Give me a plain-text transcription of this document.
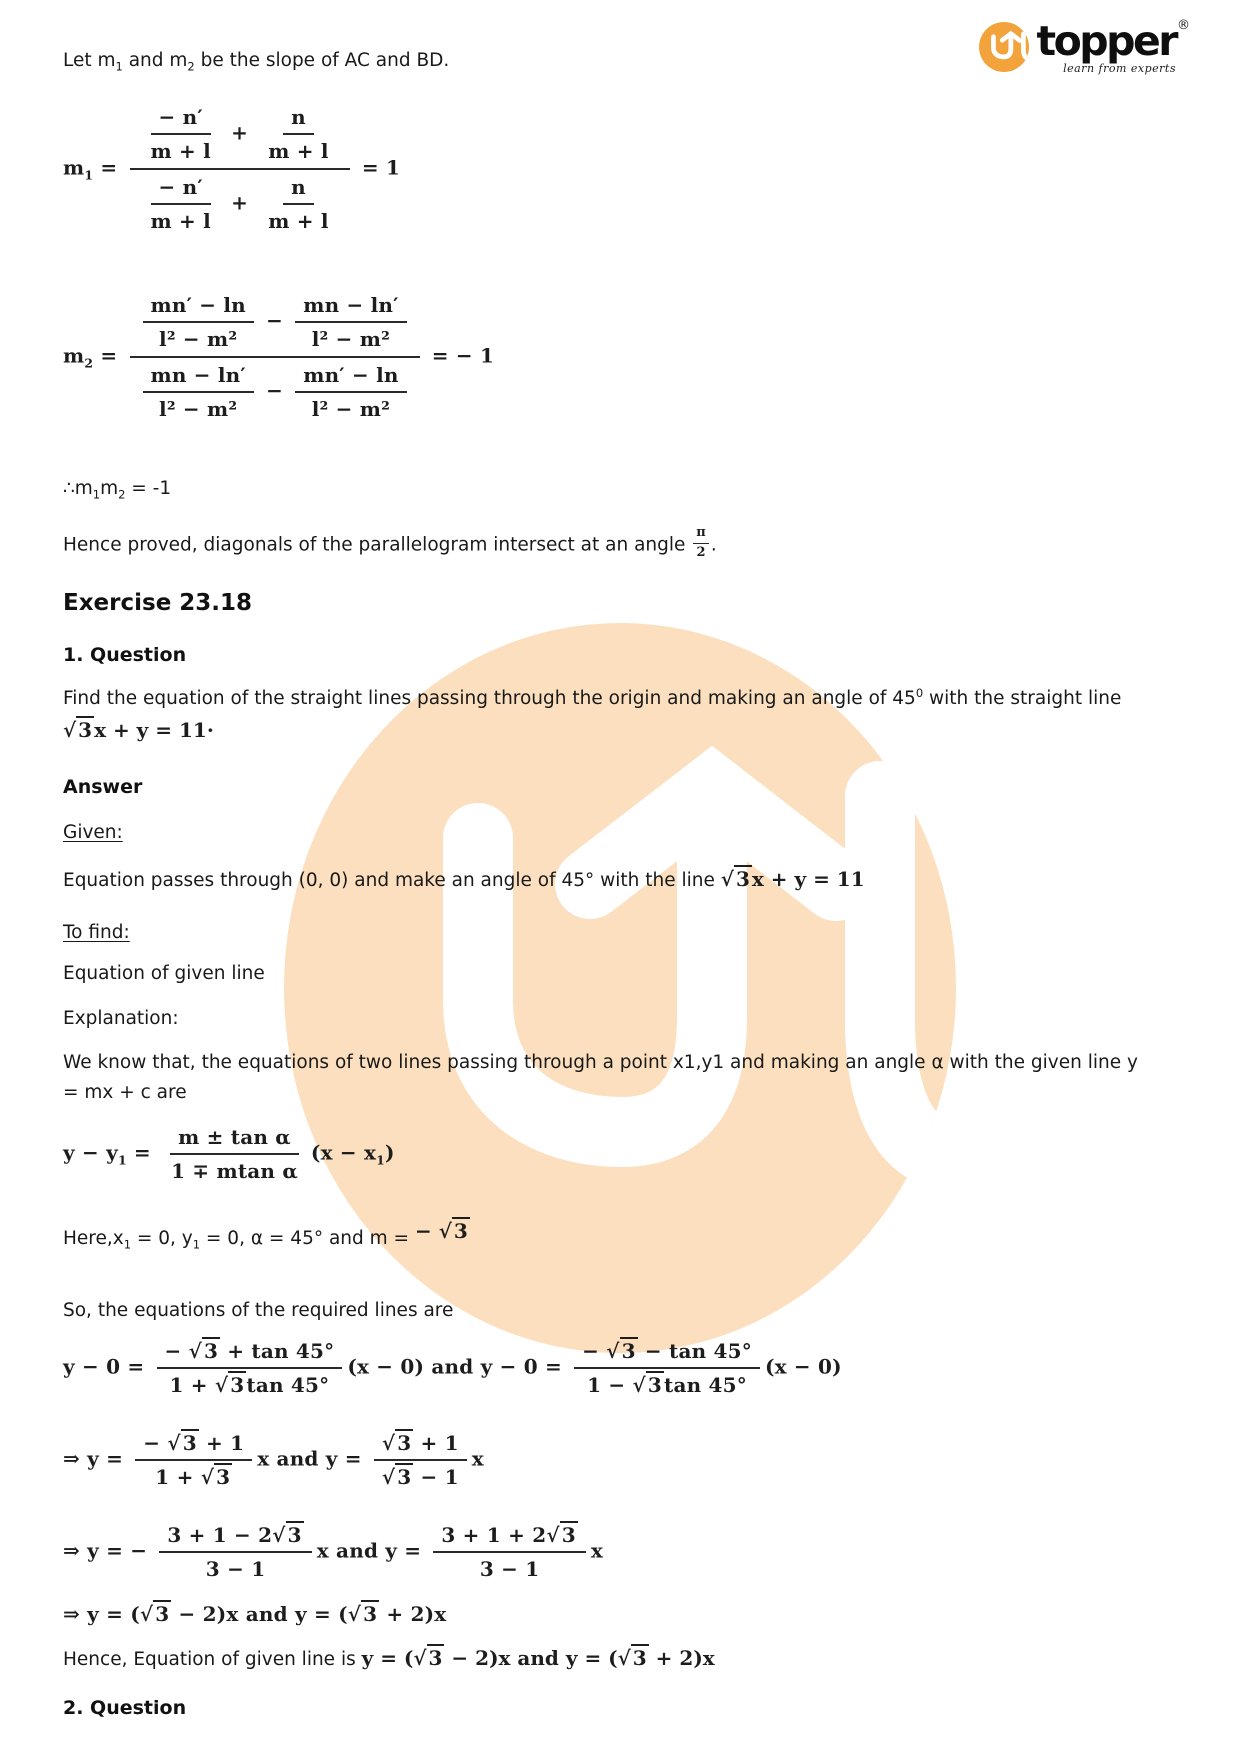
topper ®
learn from experts
Let $m_1$ and $m_2$ be the slope of AC and BD.
$m_1 = \frac{\frac{- n'}{m + l} + \frac{n}{m + l}}{\frac{- n'}{m + l} + \frac{n}{m + l}} = 1$
$m_2 = \frac{\frac{mn' - \ln}{\text{l² − m²}} - \frac{mn - \ln'}{\text{l² − m²}}}{\frac{mn - \ln'}{\text{l² − m²}} - \frac{mn' - \ln}{\text{l² − m²}}}$ = − 1
$\therefore m_1m_2 = -1$
Hence proved, diagonals of the parallelogram intersect at an angle $\frac{\pi}{2}$ .
Exercise 23.18
1. Question
Find the equation of the straight lines passing through the origin and making an angle of $45^0$ with the straight line √ 3 x + y = 11·
Answer
Given:
Equation passes through (0, 0) and make an angle of 45° with the line √ 3 x + y = 11
To find:
Equation of given line
Explanation:
We know that, the equations of two lines passing through a point x1,y1 and making an angle α with the given line y = mx + c are
$y - y_1 = \frac{\text{m ± tan α}}{\text{1 ∓ mtan α}} (x - x_1)$
$Here,x_1 = 0$, $y_1 = 0$, α = 45° and m = − √ 3
So, the equations of the required lines are
$y - 0 = \frac{- √ 3 + \tan 45^\circ}{1 + √ 3 \tan 45^\circ} (x - 0)$ and $y - 0 = \frac{- √ 3 - \tan 45^\circ}{1 - √ 3 \tan 45^\circ} (x - 0)$
⇒ $y = \frac{- √ 3 + 1}{1 + √ 3}$ x and $y = \frac{√ 3 + 1}{√ 3 - 1}$ x
⇒ y = − $\frac{3 + 1 - 2√ 3}{3 - 1}$ x and $y = \frac{3 + 1 + 2√ 3}{3 - 1}$ x
⇒ y = (√ 3 − 2)x and y = (√ 3 + 2)x
Hence, Equation of given line is y = (√ 3 − 2)x and y = (√ 3 + 2)x
2. Question
